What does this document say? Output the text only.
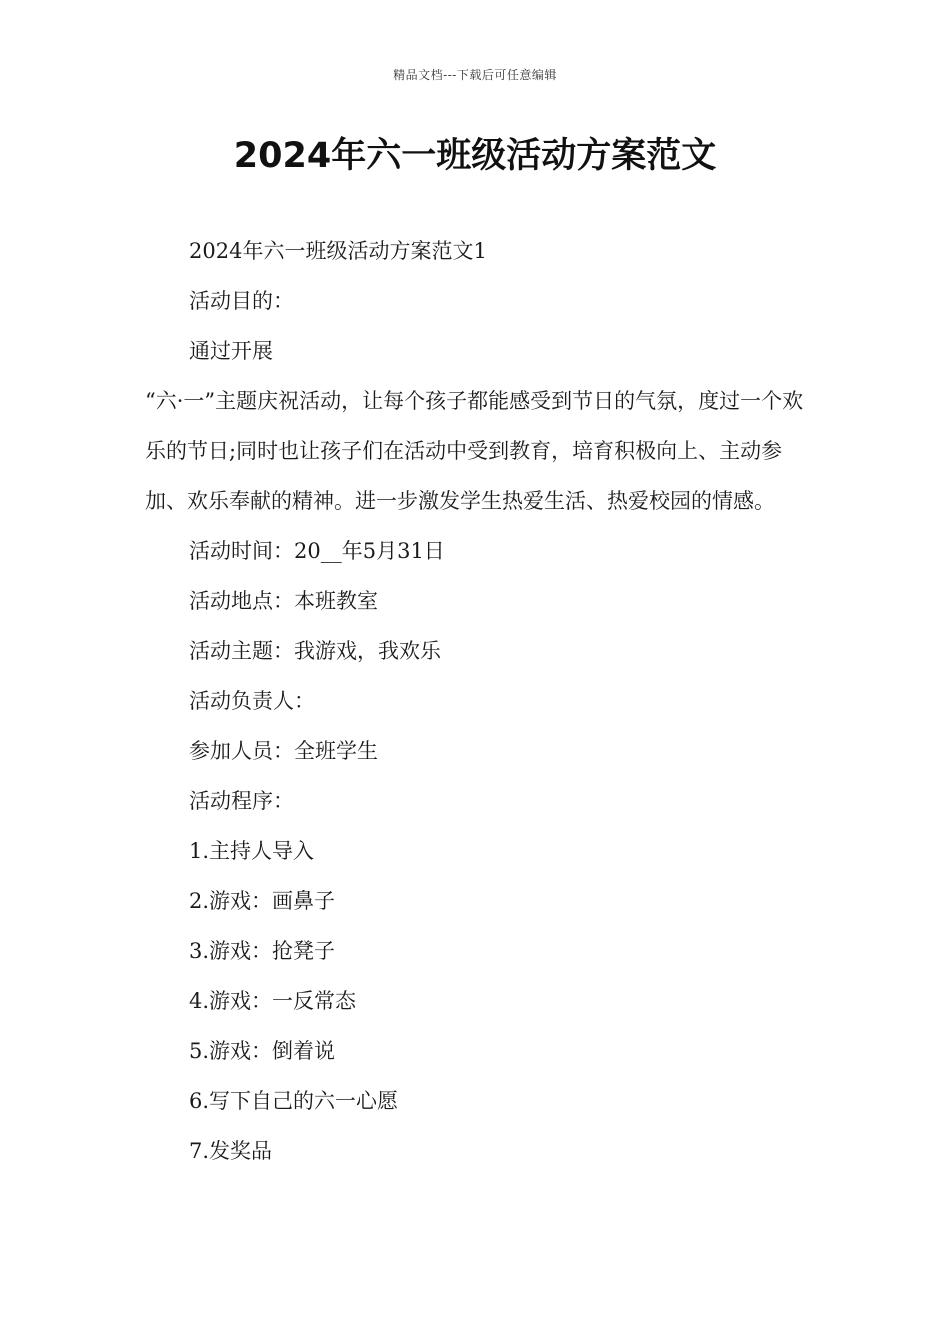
精品文档---下载后可任意编辑
2024年六一班级活动方案范文

2024年六一班级活动方案范文1

活动目的：

通过开展

“六·一”主题庆祝活动，让每个孩子都能感受到节日的气氛，度过一个欢乐的节日;同时也让孩子们在活动中受到教育，培育积极向上、主动参加、欢乐奉献的精神。进一步激发学生热爱生活、热爱校园的情感。

活动时间：20__年5月31日

活动地点：本班教室

活动主题：我游戏，我欢乐

活动负责人：

参加人员：全班学生

活动程序：

1.主持人导入

2.游戏：画鼻子

3.游戏：抢凳子

4.游戏：一反常态

5.游戏：倒着说

6.写下自己的六一心愿

7.发奖品
